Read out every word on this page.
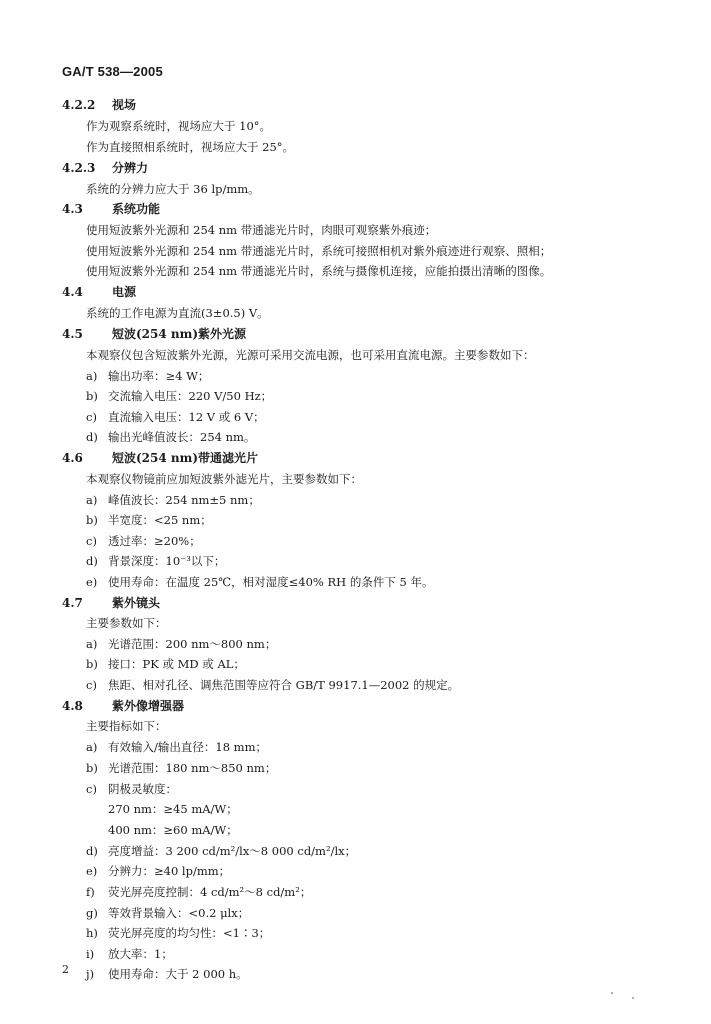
GA/T 538—2005
4.2.2 视场
作为观察系统时，视场应大于 10°。
作为直接照相系统时，视场应大于 25°。
4.2.3 分辨力
系统的分辨力应大于 36 lp/mm。
4.3 系统功能
使用短波紫外光源和 254 nm 带通滤光片时，肉眼可观察紫外痕迹；
使用短波紫外光源和 254 nm 带通滤光片时，系统可接照相机对紫外痕迹进行观察、照相；
使用短波紫外光源和 254 nm 带通滤光片时，系统与摄像机连接，应能拍摄出清晰的图像。
4.4 电源
系统的工作电源为直流(3±0.5) V。
4.5 短波(254 nm)紫外光源
本观察仪包含短波紫外光源，光源可采用交流电源，也可采用直流电源。主要参数如下：
a) 输出功率：≥4 W；
b) 交流输入电压：220 V/50 Hz；
c) 直流输入电压：12 V 或 6 V；
d) 输出光峰值波长：254 nm。
4.6 短波(254 nm)带通滤光片
本观察仪物镜前应加短波紫外滤光片，主要参数如下：
a) 峰值波长：254 nm±5 nm；
b) 半宽度：<25 nm；
c) 透过率：≥20%；
d) 背景深度：10⁻³以下；
e) 使用寿命：在温度 25℃，相对湿度≤40% RH 的条件下 5 年。
4.7 紫外镜头
主要参数如下：
a) 光谱范围：200 nm～800 nm；
b) 接口：PK 或 MD 或 AL；
c) 焦距、相对孔径、调焦范围等应符合 GB/T 9917.1—2002 的规定。
4.8 紫外像增强器
主要指标如下：
a) 有效输入/输出直径：18 mm；
b) 光谱范围：180 nm～850 nm；
c) 阴极灵敏度：
270 nm：≥45 mA/W；
400 nm：≥60 mA/W；
d) 亮度增益：3 200 cd/m²/lx～8 000 cd/m²/lx；
e) 分辨力：≥40 lp/mm；
f)	荧光屏亮度控制：4 cd/m²～8 cd/m²；
g) 等效背景输入：<0.2 μlx；
h) 荧光屏亮度的均匀性：<1∶3；
i)	放大率：1；
j)	使用寿命：大于 2 000 h。
2
